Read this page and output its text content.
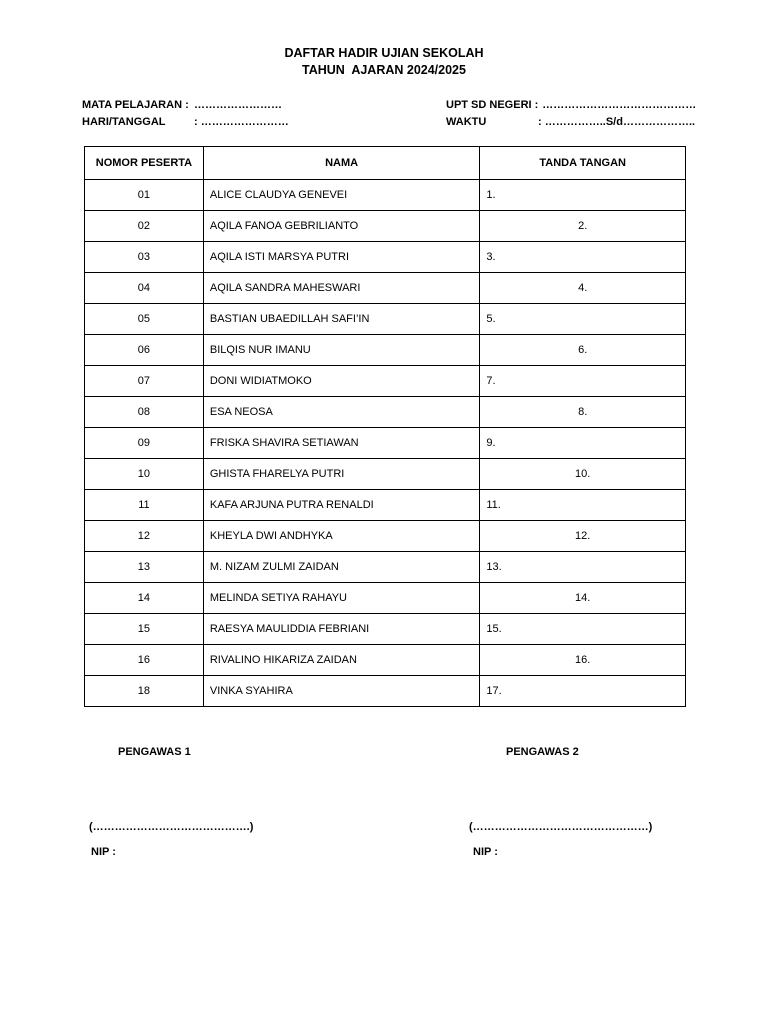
DAFTAR HADIR UJIAN SEKOLAH
TAHUN  AJARAN 2024/2025
MATA PELAJARAN : ……………………
HARI/TANGGAL	: ……………………
UPT SD NEGERI : ……………………………………
WAKTU	: ……………..S/d………………..
NOMOR PESERTA	NAMA	TANDA TANGAN
01	ALICE CLAUDYA GENEVEI	1.
02	AQILA FANOA GEBRILIANTO	2.
03	AQILA ISTI MARSYA PUTRI	3.
04	AQILA SANDRA MAHESWARI	4.
05	BASTIAN UBAEDILLAH SAFI’IN	5.
06	BILQIS NUR IMANU	6.
07	DONI WIDIATMOKO	7.
08	ESA NEOSA	8.
09	FRISKA SHAVIRA SETIAWAN	9.
10	GHISTA FHARELYA PUTRI	10.
11	KAFA ARJUNA PUTRA RENALDI	11.
12	KHEYLA DWI ANDHYKA	12.
13	M. NIZAM ZULMI ZAIDAN	13.
14	MELINDA SETIYA RAHAYU	14.
15	RAESYA MAULIDDIA FEBRIANI	15.
16	RIVALINO HIKARIZA ZAIDAN	16.
18	VINKA SYAHIRA	17.
PENGAWAS 1	PENGAWAS 2
(…………………………………….)	(…………………………………………)
NIP :	NIP :
